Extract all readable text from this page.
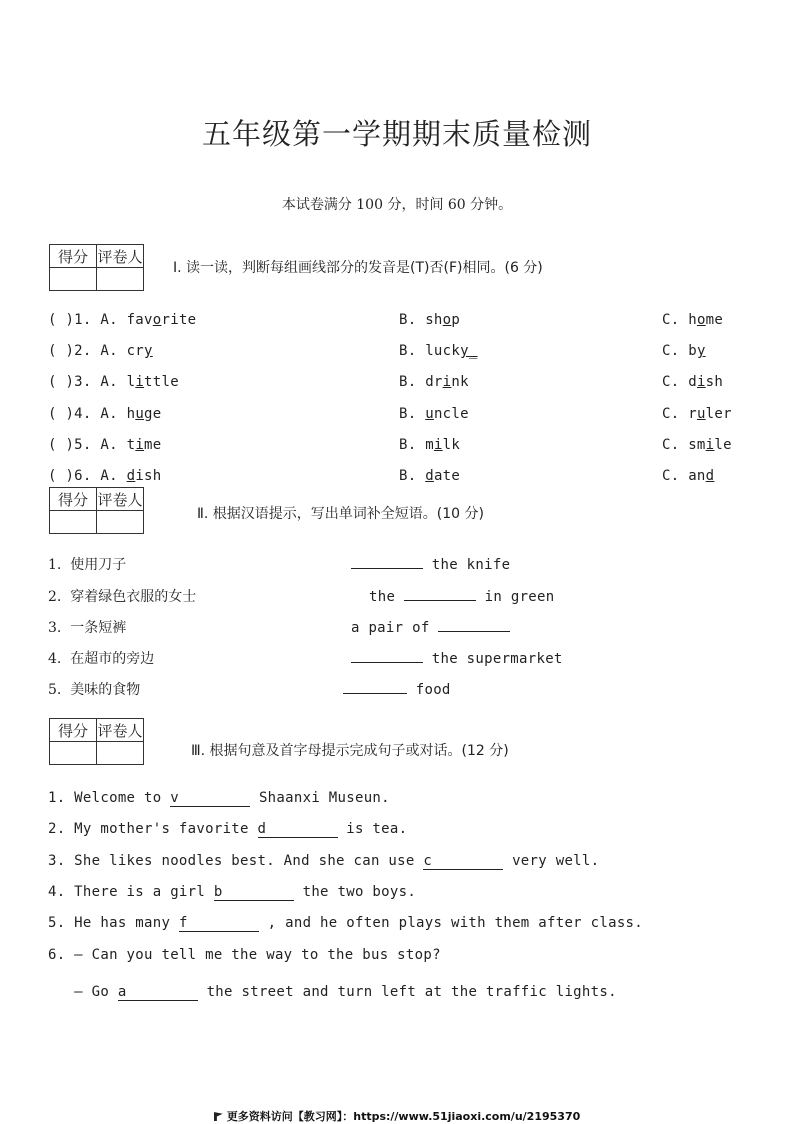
五年级第一学期期末质量检测
本试卷满分 100 分，时间 60 分钟。
得分	评卷人

Ⅰ. 读一读，判断每组画线部分的发音是(T)否(F)相同。(6 分)
( )1. A. favorite	B. shop	C. home
( )2. A. cry	B. lucky_	C. by
( )3. A. little	B. drink	C. dish
( )4. A. huge	B. uncle	C. ruler
( )5. A. time	B. milk	C. smile
( )6. A. dish	B. date	C. and
得分	评卷人

Ⅱ. 根据汉语提示，写出单词补全短语。(10 分)
1. 使用刀子	the knife
2. 穿着绿色衣服的女士	the	in green
3. 一条短裤	a pair of
4. 在超市的旁边	the supermarket
5. 美味的食物	food
得分	评卷人

Ⅲ. 根据句意及首字母提示完成句子或对话。(12 分)
1. Welcome to v	Shaanxi Museun.
2. My mother's favorite d	is tea.
3. She likes noodles best. And she can use c	very well.
4. There is a girl b	the two boys.
5. He has many f	, and he often plays with them after class.
6. — Can you tell me the way to the bus stop?
— Go a	the street and turn left at the traffic lights.
更多资料访问【教习网】：https://www.51jiaoxi.com/u/2195370
